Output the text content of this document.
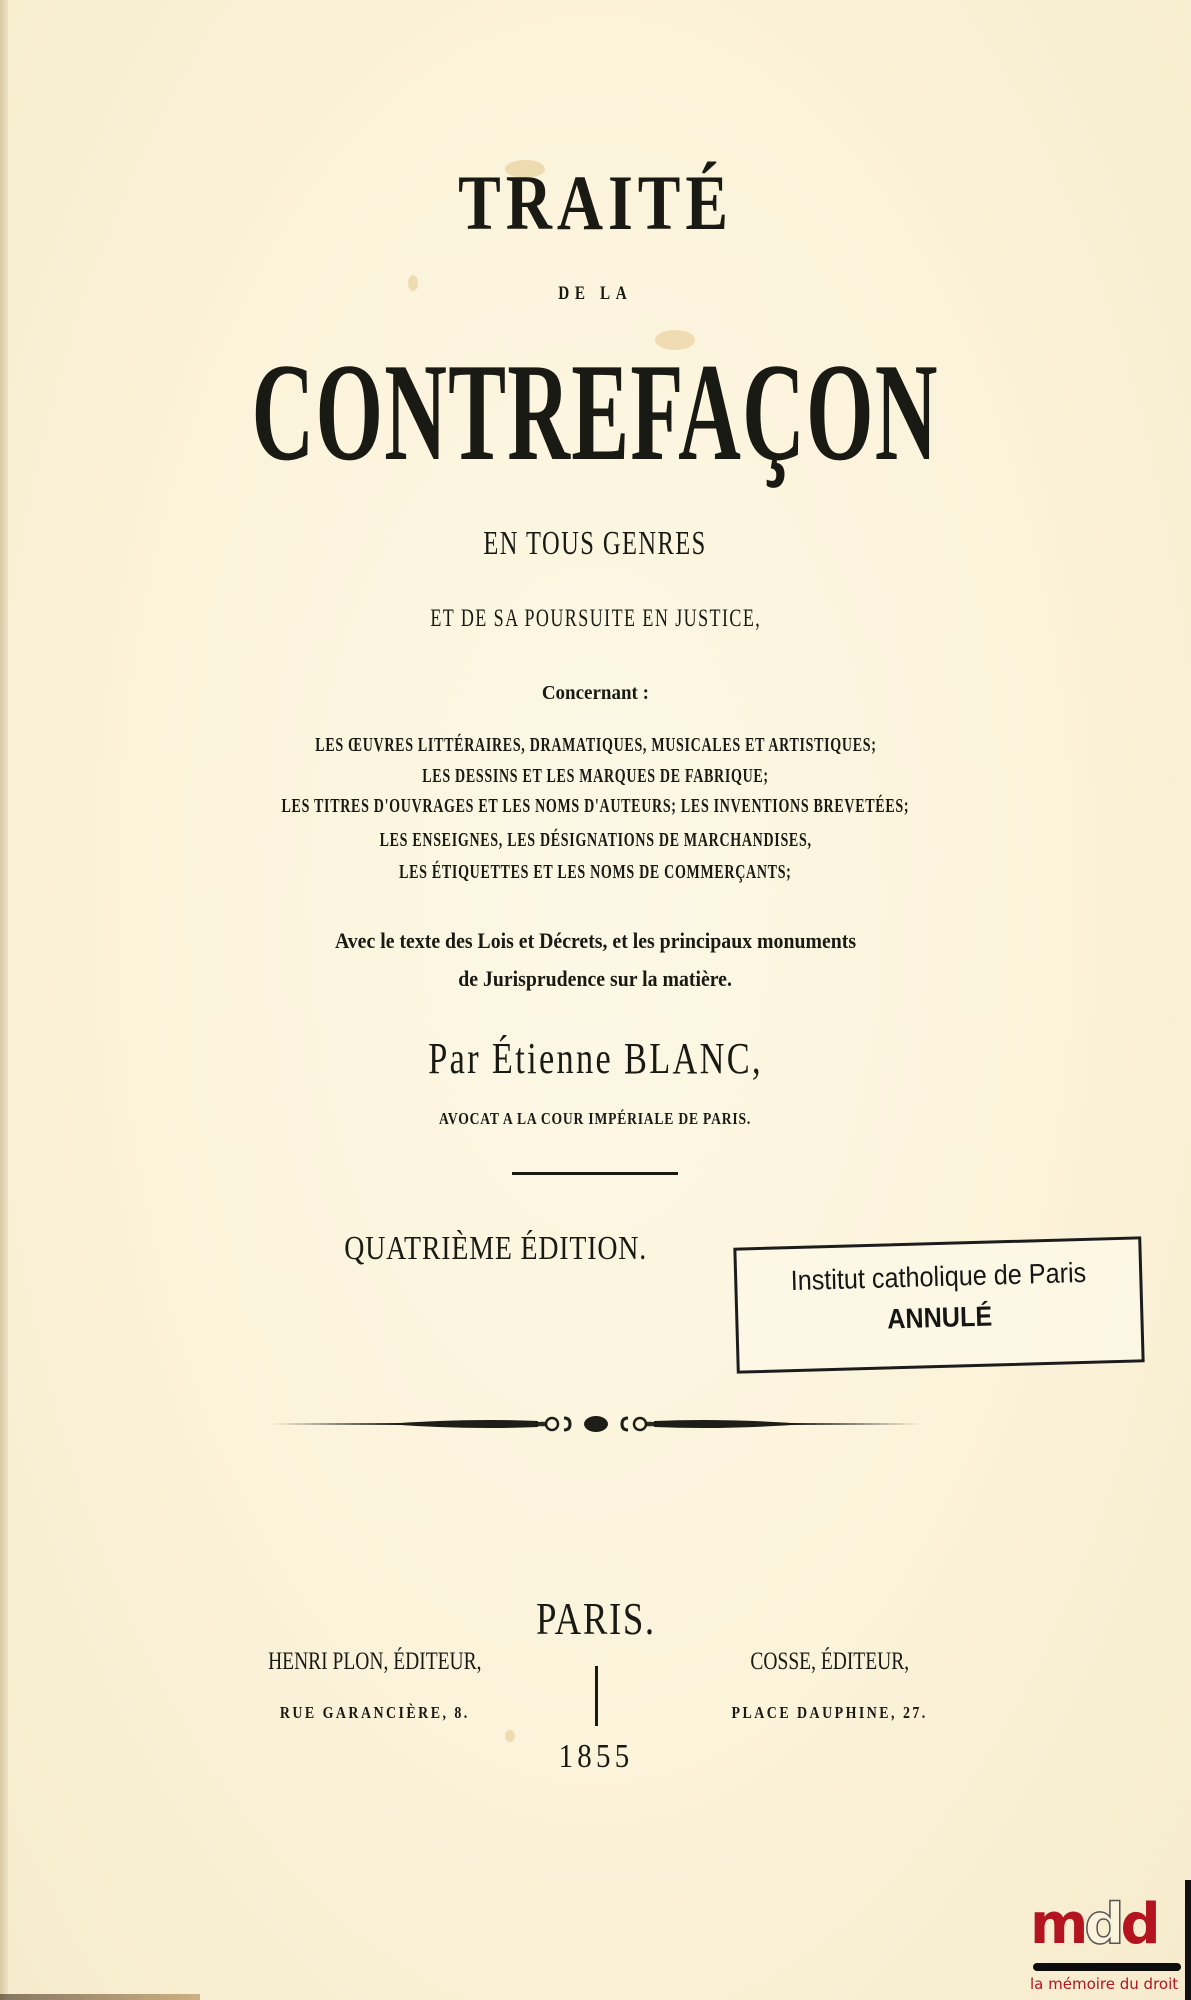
TRAITÉ
DE LA
CONTREFAÇON
EN TOUS GENRES
ET DE SA POURSUITE EN JUSTICE,
Concernant :
LES ŒUVRES LITTÉRAIRES, DRAMATIQUES, MUSICALES ET ARTISTIQUES;
LES DESSINS ET LES MARQUES DE FABRIQUE;
LES TITRES D'OUVRAGES ET LES NOMS D'AUTEURS; LES INVENTIONS BREVETÉES;
LES ENSEIGNES, LES DÉSIGNATIONS DE MARCHANDISES,
LES ÉTIQUETTES ET LES NOMS DE COMMERÇANTS;
Avec le texte des Lois et Décrets, et les principaux monuments
de Jurisprudence sur la matière.
Par Étienne BLANC,
AVOCAT A LA COUR IMPÉRIALE DE PARIS.
QUATRIÈME ÉDITION.
Institut catholique de Paris
ANNULÉ
PARIS.
HENRI PLON, ÉDITEUR,
RUE GARANCIÈRE, 8.
COSSE, ÉDITEUR,
PLACE DAUPHINE, 27.
1855
mdd
la mémoire du droit
